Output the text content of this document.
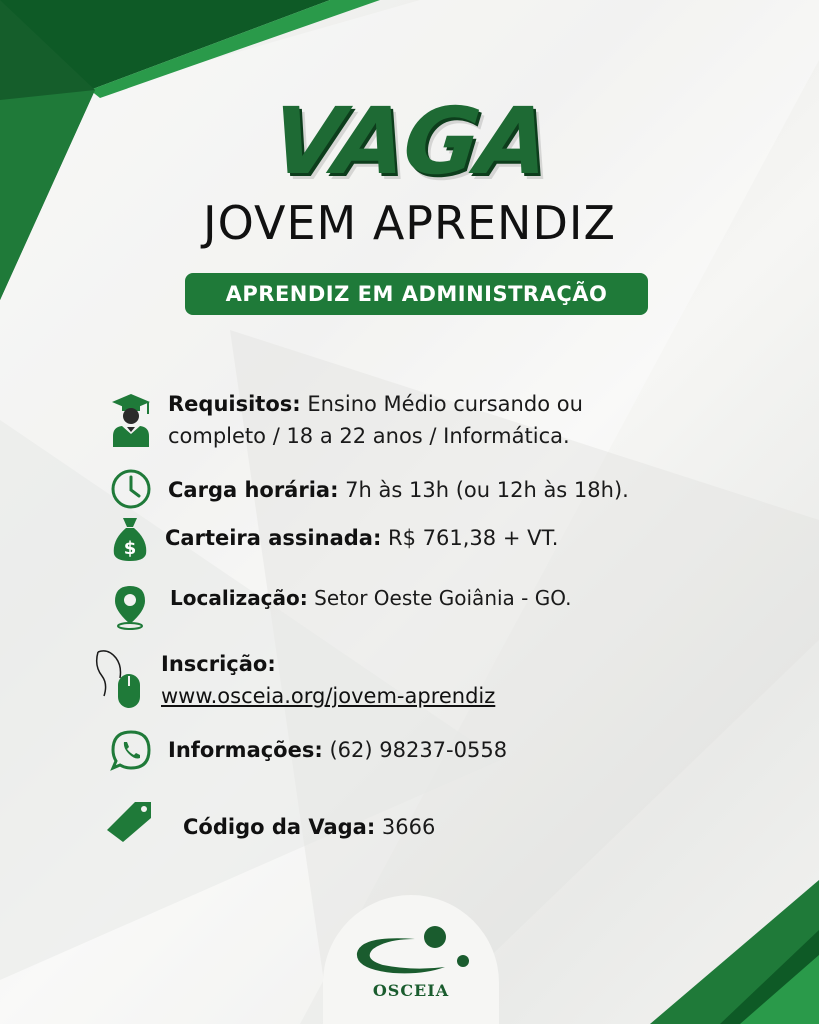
VAGA
JOVEM APRENDIZ
APRENDIZ EM ADMINISTRAÇÃO
Requisitos: Ensino Médio cursando ou
completo / 18 a 22 anos / Informática.
Carga horária: 7h às 13h (ou 12h às 18h).
$ Carteira assinada: R$ 761,38 + VT.
Localização: Setor Oeste Goiânia - GO.
Inscrição:
www.osceia.org/jovem-aprendiz
Informações: (62) 98237-0558
Código da Vaga: 3666
OSCEIA
